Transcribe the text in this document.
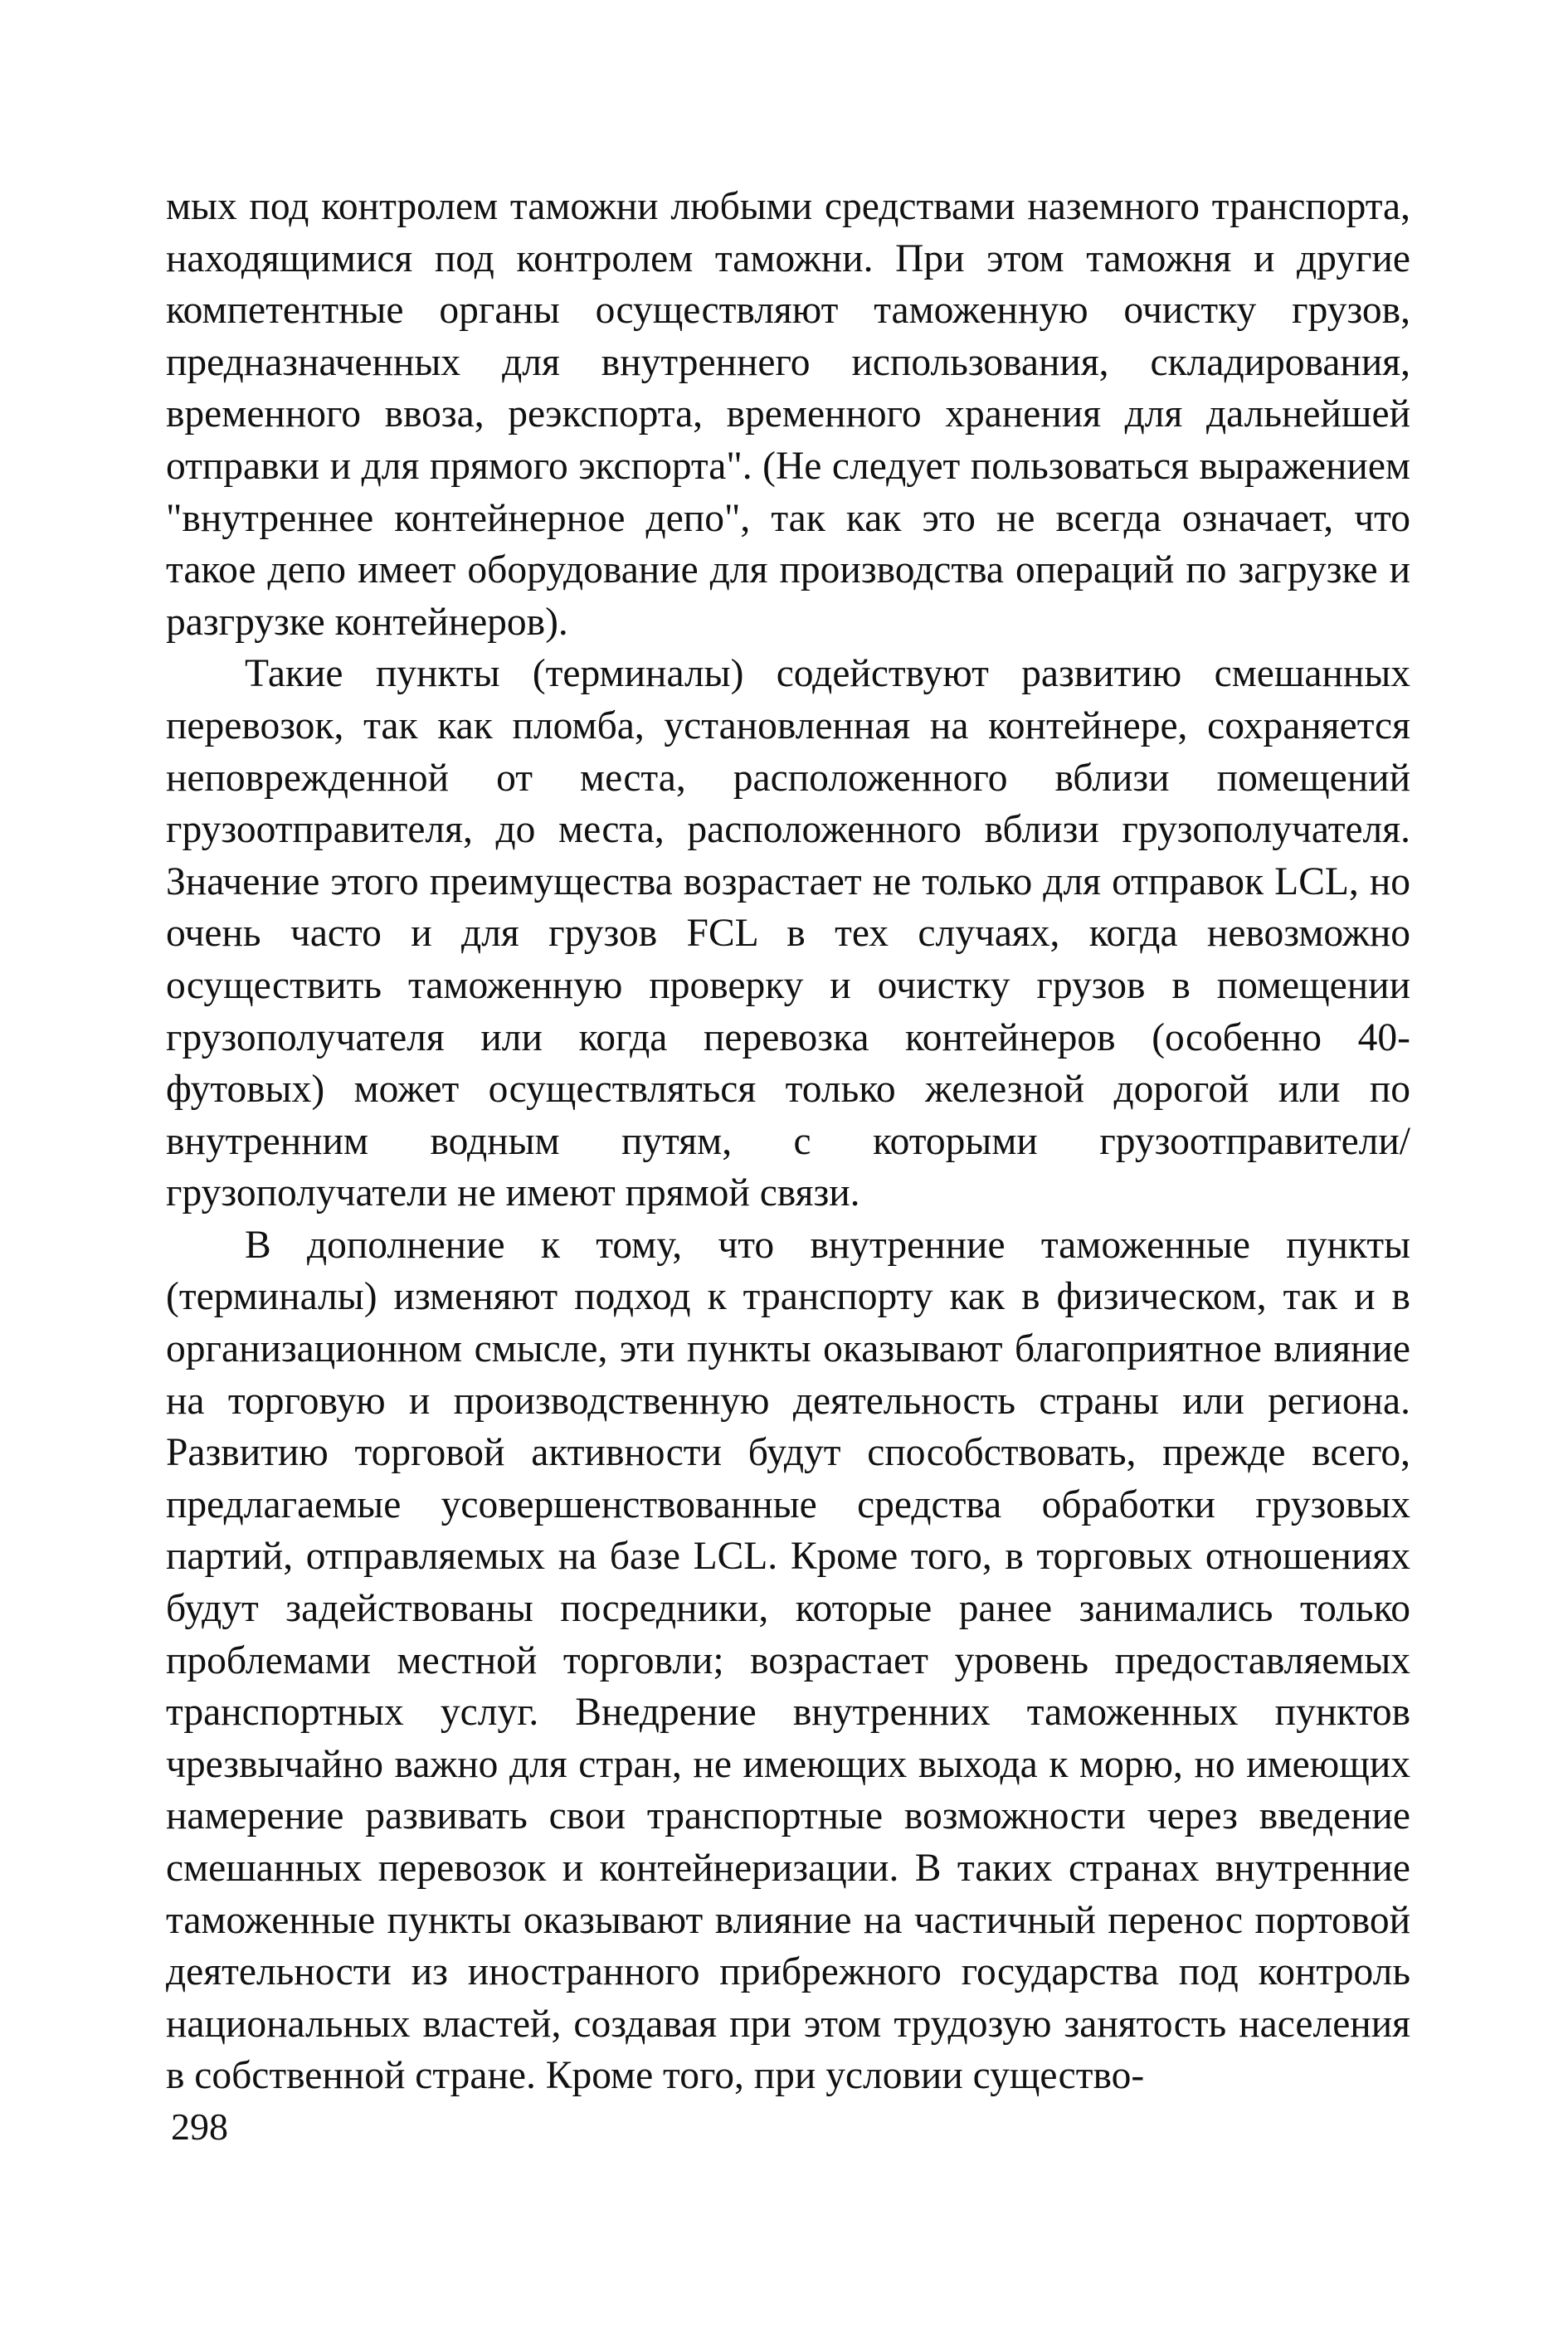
мых под контролем таможни любыми средствами наземного транспорта, находящимися под контролем таможни. При этом таможня и другие компетентные органы осуществляют таможенную очистку грузов, предназначенных для внутреннего использования, складирования, временного ввоза, реэкспорта, временного хранения для дальнейшей отправки и для прямого экспорта". (Не следует пользоваться выражением "внутреннее контейнерное депо", так как это не всегда означает, что такое депо имеет оборудование для производства операций по загрузке и разгрузке контейнеров).

Такие пункты (терминалы) содействуют развитию смешанных перевозок, так как пломба, установленная на контейнере, сохраняется неповрежденной от места, расположенного вблизи помещений грузоотправителя, до места, расположенного вблизи грузополучателя. Значение этого преимущества возрастает не только для отправок LCL, но очень часто и для грузов FCL в тех случаях, когда невозможно осуществить таможенную проверку и очистку грузов в помещении грузополучателя или когда перевозка контейнеров (особенно 40-футовых) может осуществляться только железной дорогой или по внутренним водным путям, с которыми грузоотправители/грузополучатели не имеют прямой связи.

В дополнение к тому, что внутренние таможенные пункты (терминалы) изменяют подход к транспорту как в физическом, так и в организационном смысле, эти пункты оказывают благоприятное влияние на торговую и производственную деятельность страны или региона. Развитию торговой активности будут способствовать, прежде всего, предлагаемые усовершенствованные средства обработки грузовых партий, отправляемых на базе LCL. Кроме того, в торговых отношениях будут задействованы посредники, которые ранее занимались только проблемами местной торговли; возрастает уровень предоставляемых транспортных услуг. Внедрение внутренних таможенных пунктов чрезвычайно важно для стран, не имеющих выхода к морю, но имеющих намерение развивать свои транспортные возможности через введение смешанных перевозок и контейнеризации. В таких странах внутренние таможенные пункты оказывают влияние на частичный перенос портовой деятельности из иностранного прибрежного государства под контроль национальных властей, создавая при этом трудозую занятость населения в собственной стране. Кроме того, при условии существо-

298
